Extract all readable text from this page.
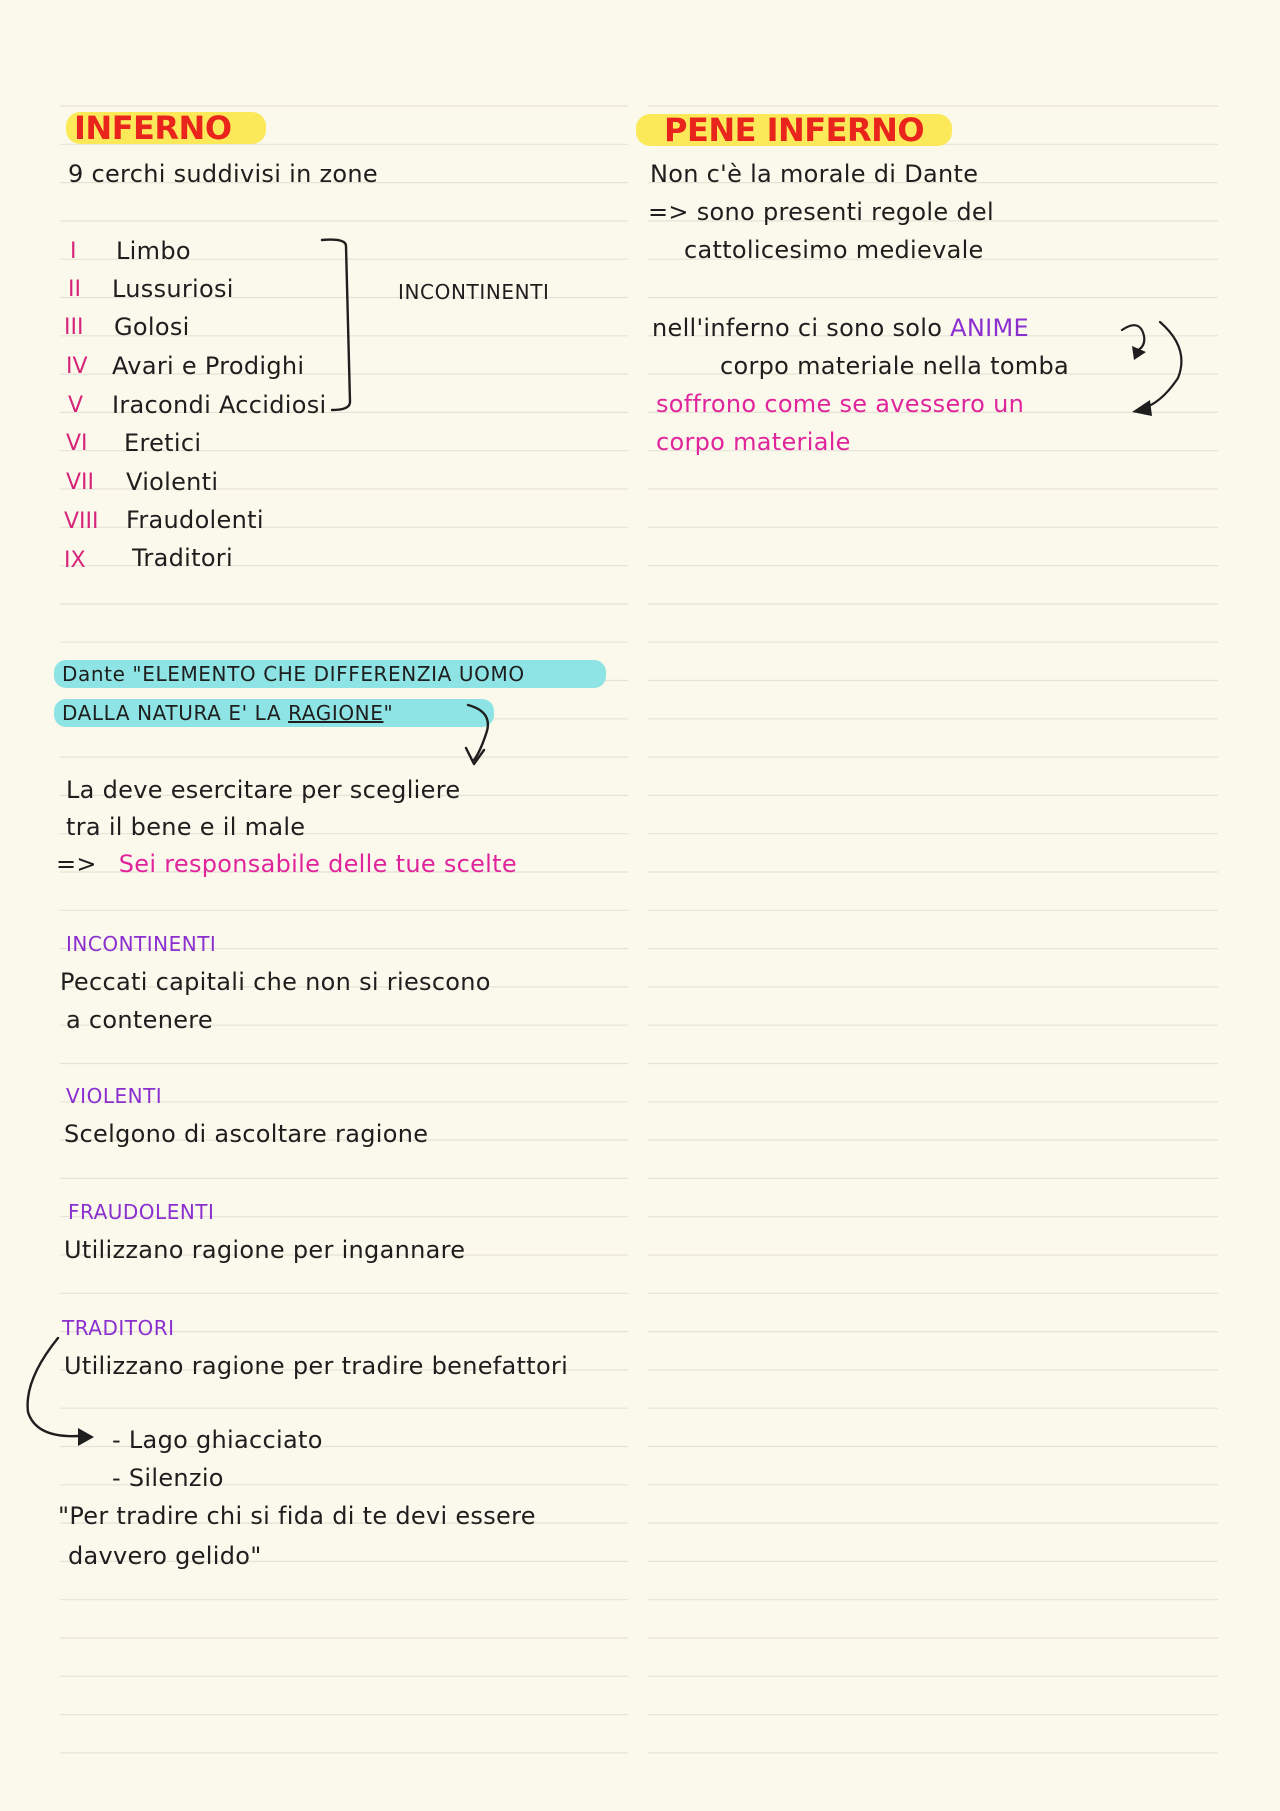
INFERNO
9 cerchi suddivisi in zone
I Limbo
II Lussuriosi
III Golosi
IV Avari e Prodighi
V Iracondi Accidiosi
VI Eretici
VII Violenti
VIII Fraudolenti
IX Traditori
INCONTINENTI
Dante "ELEMENTO CHE DIFFERENZIA UOMO
DALLA NATURA E' LA RAGIONE"
La deve esercitare per scegliere
tra il bene e il male
=> Sei responsabile delle tue scelte
INCONTINENTI
Peccati capitali che non si riescono
a contenere
VIOLENTI
Scelgono di ascoltare ragione
FRAUDOLENTI
Utilizzano ragione per ingannare
TRADITORI
Utilizzano ragione per tradire benefattori
- Lago ghiacciato
- Silenzio
"Per tradire chi si fida di te devi essere
davvero gelido"
PENE INFERNO
Non c'è la morale di Dante
=> sono presenti regole del
cattolicesimo medievale
nell'inferno ci sono solo ANIME
corpo materiale nella tomba
soffrono come se avessero un
corpo materiale
